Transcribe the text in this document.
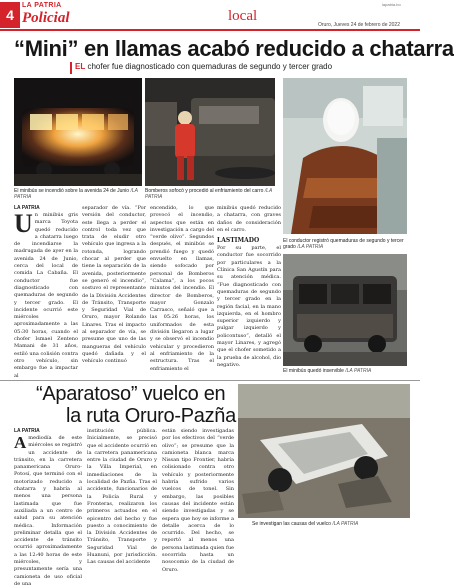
4
LA PATRIA
Policial	local
lapatria.bo
Oruro, Jueves 24 de febrero de 2022
“Mini” en llamas acabó reducido a chatarra
EL chofer fue diagnosticado con quemaduras de segundo y tercer grado
El minibús se incendió sobre la avenida 24 de Junio /LA PATRIA
Bomberos sofocó y procedió al enfriamiento del carro /LA PATRIA
El conductor registró quemaduras de segundo y tercer grado /LA PATRIA
El minibús quedó inservible /LA PATRIA
LA PATRIA
Un minibús gris marca Toyota quedó reducido a chatarra luego de incendiarse la madrugada de ayer en la avenida 24 de Junio, cerca del local de comida La Cabaña. El conductor fue diagnosticado con quemaduras de segundo y tercer grado. El incidente ocurrió este miércoles aproximadamente a las 05:30 horas, cuando el chofer Ismael Zenteno Mamani de 31 años, estiló una colisión contra otro vehículo, sin embargo fue a impactar al
separador de vía. “Por versión del conductor, este llega a perder el control toda vez que trata de eludir otro vehículo que ingresa a la rotonda, logrando chocar al perder que tiene la separación de la avenida, posteriormente se generó el incendio”, sostuvo el representante de la División Accidentes de Tránsito, Transporte y Seguridad Vial de Oruro, mayor Rolando Linares. Tras el impacto al separador de vía, se presume que uno de las mangueras del vehículo quedó dañada y el vehículo continuó
encendido, lo que provocó el incendio, aspectos que están en investigación a cargo del “verde olivo”. Segundos después, el minibús se prendió fuego y quedó envuelto en llamas, siendo sofocado por personal de Bomberos “Calama”, a los pocos minutos del incendio. El director de Bomberos, mayor Gonzalo Carrasco, señaló que a las 05:26 horas, los uniformados de esta división llegaron a lugar y se observó el incendio vehicular y procedieron al enfriamiento de la estructura. Tras el enfriamiento el
minibús quedó reducido a chatarra, con graves daños de consideración en el carro.
LASTIMADO
Por su parte, el conductor fue socorrido por particulares a la Clínica San Agustín para su atención médica. “Fue diagnosticado con quemaduras de segundo y tercer grado en la región facial, en la mano izquierda, en el hombro superior izquierdo y pulgar izquierdo y policontuso”, detalló el mayor Linares, y agregó que el chofer sometido a la prueba de alcohol, dio negativo.
“Aparatoso” vuelco en
la ruta Oruro-Pazña
Se investigan las causas del vuelco /LA PATRIA
LA PATRIA
Amediodía de este miércoles se registró un accidente de tránsito, en la carretera panamericana Oruro-Potosí, que terminó con el motorizado reducido a chatarra y habría al menos una persona lastimada que fue auxiliada a un centro de salud para su atención médica. Información preliminar detalla que el accidente de tránsito ocurrió aproximadamente a las 12:40 horas de este miércoles, y presuntamente sería una camioneta de uso oficial de una
institución pública. Inicialmente, se precisó que el accidente ocurrió en la carretera panamericana entre la ciudad de Oruro y la Villa Imperial, en inmediaciones de la localidad de Pazña. Tras el accidente, funcionarios de la Policía Rural y Fronteras, realizaron los primeros actuados en el epicentro del hecho y fue puesto a conocimiento de la División Accidentes de Tránsito, Transporte y Seguridad Vial de Huanuni, por jurisdicción. Las causas del accidente
están siendo investigadas por los efectivos del “verde olivo”; se presume que la camioneta blanca marca Nissan tipo Frontier, habría colisionado contra otro vehículo y posteriormente habría sufrido varios vuelcos de tonel. Sin embargo, las posibles causas del incidente están siendo investigadas y se espera que hoy se informe a detalle acerca de lo ocurrido. Del hecho, se reportó al menos una persona lastimada quien fue socorrida hasta un nosocomio de la ciudad de Oruro.
